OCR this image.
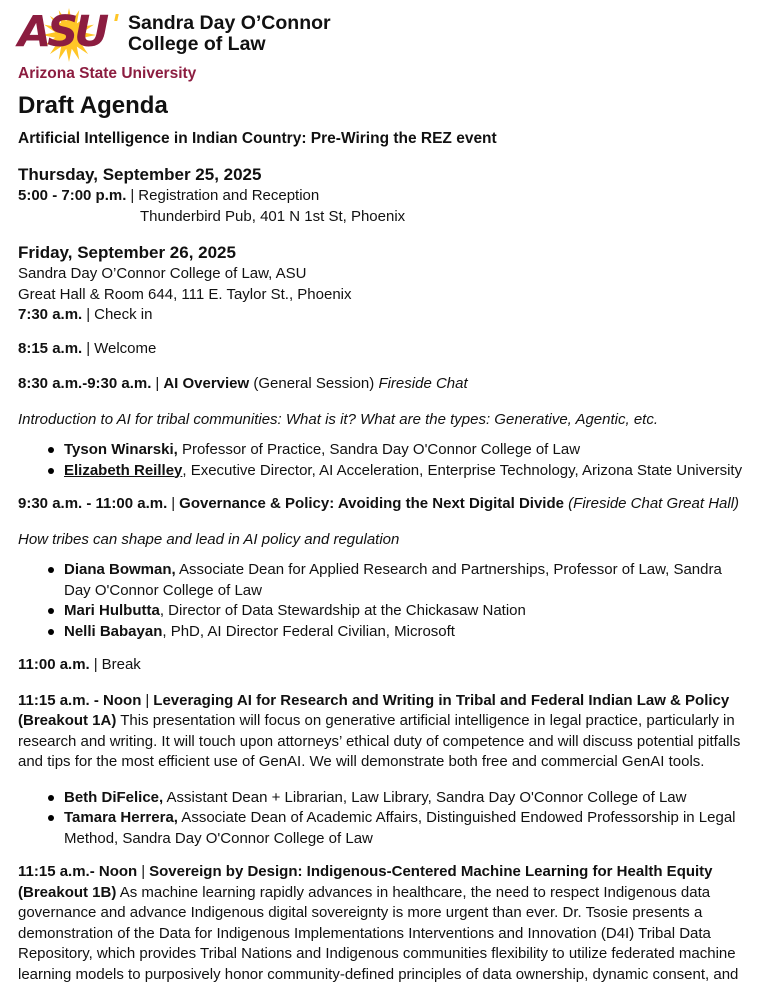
ASU Sandra Day O’Connor
College of Law
Arizona State University
Draft Agenda
Artificial Intelligence in Indian Country: Pre-Wiring the REZ event
Thursday, September 25, 2025

5:00 - 7:00 p.m. | Registration and Reception

Thunderbird Pub, 401 N 1st St, Phoenix

Friday, September 26, 2025

Sandra Day O’Connor College of Law, ASU

Great Hall & Room 644, 111 E. Taylor St., Phoenix

7:30 a.m. | Check in

8:15 a.m. | Welcome

8:30 a.m.-9:30 a.m. | AI Overview (General Session) Fireside Chat

Introduction to AI for tribal communities: What is it? What are the types: Generative, Agentic, etc.

Tyson Winarski, Professor of Practice, Sandra Day O'Connor College of Law
Elizabeth Reilley, Executive Director, AI Acceleration, Enterprise Technology, Arizona State University

9:30 a.m. - 11:00 a.m. | Governance & Policy: Avoiding the Next Digital Divide (Fireside Chat Great Hall)

How tribes can shape and lead in AI policy and regulation

Diana Bowman, Associate Dean for Applied Research and Partnerships, Professor of Law, Sandra Day O'Connor College of Law
Mari Hulbutta, Director of Data Stewardship at the Chickasaw Nation
Nelli Babayan, PhD, AI Director Federal Civilian, Microsoft

11:00 a.m. | Break

11:15 a.m. - Noon | Leveraging AI for Research and Writing in Tribal and Federal Indian Law & Policy (Breakout 1A) This presentation will focus on generative artificial intelligence in legal practice, particularly in research and writing. It will touch upon attorneys’ ethical duty of competence and will discuss potential pitfalls and tips for the most efficient use of GenAI. We will demonstrate both free and commercial GenAI tools.

Beth DiFelice, Assistant Dean + Librarian, Law Library, Sandra Day O'Connor College of Law
Tamara Herrera, Associate Dean of Academic Affairs, Distinguished Endowed Professorship in Legal Method, Sandra Day O'Connor College of Law

11:15 a.m.- Noon | Sovereign by Design: Indigenous-Centered Machine Learning for Health Equity (Breakout 1B) As machine learning rapidly advances in healthcare, the need to respect Indigenous data governance and advance Indigenous digital sovereignty is more urgent than ever. Dr. Tsosie presents a demonstration of the Data for Indigenous Implementations Interventions and Innovation (D4I) Tribal Data Repository, which provides Tribal Nations and Indigenous communities flexibility to utilize federated machine learning models to purposively honor community-defined principles of data ownership, dynamic consent, and
